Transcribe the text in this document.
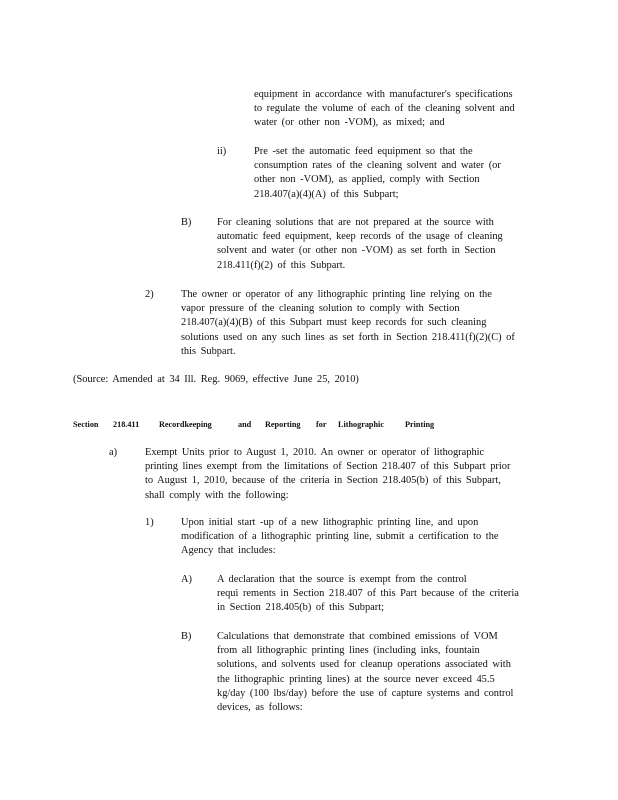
equipment in accordance with manufacturer's specifications
to regulate the volume of each of the cleaning solvent and
water (or other non -VOM), as mixed; and
ii)	Pre -set the automatic feed equipment so that the
consumption rates of the cleaning solvent and water (or
other non -VOM), as applied, comply with Section
218.407(a)(4)(A) of this Subpart;
B) For cleaning solutions that are not prepared at the source with
automatic feed equipment, keep records of the usage of cleaning
solvent and water (or other non -VOM) as set forth in Section
218.411(f)(2) of this Subpart.
2)	The owner or operator of any lithographic printing line relying on the
vapor pressure of the cleaning solution to comply with Section
218.407(a)(4)(B) of this Subpart must keep records for such cleaning
solutions used on any such lines as set forth in Section 218.411(f)(2)(C) of
this Subpart.
(Source: Amended at 34 Ill. Reg. 9069, effective June 25, 2010)
Section 218.411 Recordkeeping	and Reporting for Lithographic	Printing
a)	Exempt Units prior to August 1, 2010. An owner or operator of lithographic
printing lines exempt from the limitations of Section 218.407 of this Subpart prior
to August 1, 2010, because of the criteria in Section 218.405(b) of this Subpart,
shall comply with the following:
1)	Upon initial start -up of a new lithographic printing line, and upon
modification of a lithographic printing line, submit a certification to the
Agency that includes:
A) A declaration that the source is exempt from the control
requi rements in Section 218.407 of this Part because of the criteria
in Section 218.405(b) of this Subpart;
B) Calculations that demonstrate that combined emissions of VOM
from all lithographic printing lines (including inks, fountain
solutions, and solvents used for cleanup operations associated with
the lithographic printing lines) at the source never exceed 45.5
kg/day (100 lbs/day) before the use of capture systems and control
devices, as follows:
